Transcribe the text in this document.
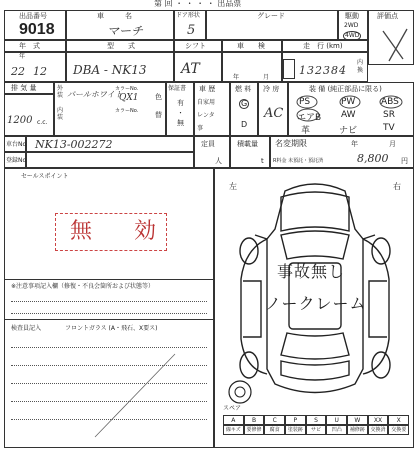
第 回 ・ ・ ・ ・ 出品票
出品番号
9018
車　　　名
マーチ
ドア形状
5
グレード	駆動
2WD
4WD
評価点
年　式	型　　式	シフト	車　　検	走　行 (km)
年
22 12 DBA - NK13 AT
年	月
132384
内 換
排 気 量	外装
内装
カラーNo.
カラーNo.
色
替
パールホワイト
QX1
保証書
有
・
無
車 歴
自家用
レンタ
事
燃 料
G
D
冷 房
AC
装 備 (純正部品に限る)
PS	PW	ABS
エアB AW	SR
革	ナビ	TV
1200 c.c.
車台No NK13-002272
登録No
定員
人
積載量
t
名変期限	年	月
R料金 未預託・預託済	8,800 円
セールスポイント
無　効
※注意事項記入欄（修復・不良会箇所および状態等）
検査員記入	フロントガラス (A・飛石、X要ス)
左	右
事故無し
ノークレーム
スペア
A	B	C	P	S	U	W	XX	X
線キズ	要修修	腐食	塗装跡	サビ	凹凸	補修跡	交換済	交換要
